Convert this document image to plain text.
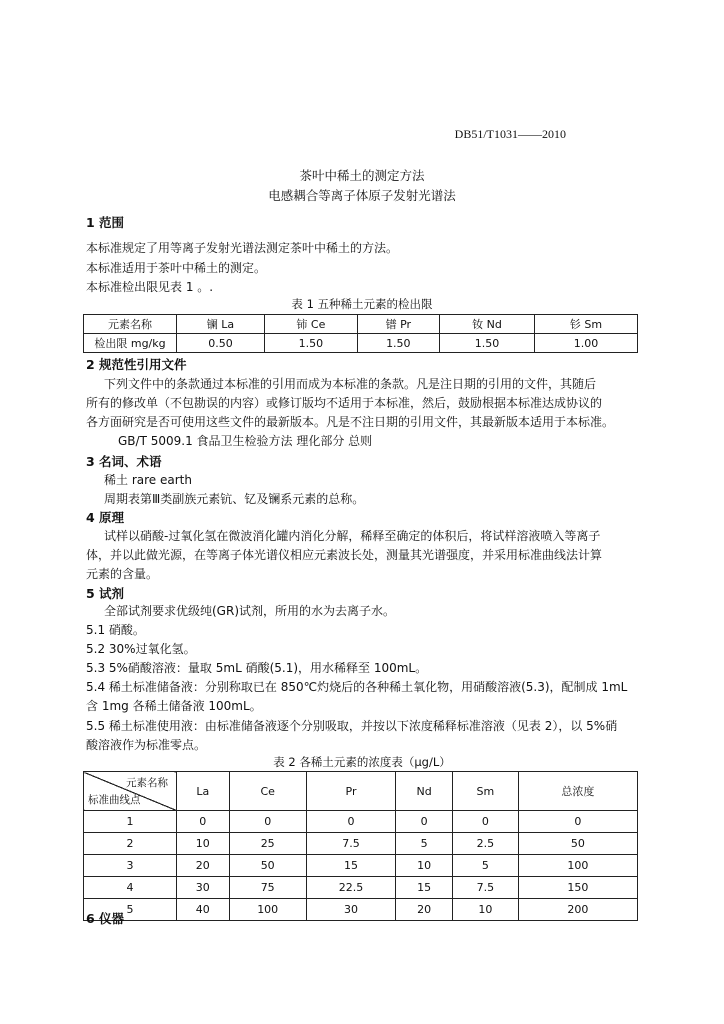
DB51/T1031——2010
茶叶中稀土的测定方法
电感耦合等离子体原子发射光谱法
1 范围
本标准规定了用等离子发射光谱法测定茶叶中稀土的方法。
本标准适用于茶叶中稀土的测定。
本标准检出限见表 1 。.
表 1 五种稀土元素的检出限
元素名称	镧 La	铈 Ce	镨 Pr	钕 Nd	钐 Sm
检出限 mg/kg	0.50	1.50	1.50	1.50	1.00
2 规范性引用文件
下列文件中的条款通过本标准的引用而成为本标准的条款。凡是注日期的引用的文件，其随后
所有的修改单（不包勘误的内容）或修订版均不适用于本标准，然后，鼓励根据本标准达成协议的
各方面研究是否可使用这些文件的最新版本。凡是不注日期的引用文件，其最新版本适用于本标准。
GB/T 5009.1 食品卫生检验方法 理化部分 总则
3 名词、术语
稀土 rare earth
周期表第Ⅲ类副族元素钪、钇及镧系元素的总称。
4 原理
试样以硝酸-过氧化氢在微波消化罐内消化分解，稀释至确定的体积后，将试样溶液喷入等离子
体，并以此做光源，在等离子体光谱仪相应元素波长处，测量其光谱强度，并采用标准曲线法计算
元素的含量。
5 试剂
全部试剂要求优级纯(GR)试剂，所用的水为去离子水。
5.1 硝酸。
5.2 30%过氧化氢。
5.3 5%硝酸溶液：量取 5mL 硝酸(5.1)，用水稀释至 100mL。
5.4 稀土标准储备液：分别称取已在 850℃灼烧后的各种稀土氧化物，用硝酸溶液(5.3)，配制成 1mL
含 1mg 各稀土储备液 100mL。
5.5 稀土标准使用液：由标准储备液逐个分别吸取，并按以下浓度稀释标准溶液（见表 2），以 5%硝
酸溶液作为标准零点。
表 2 各稀土元素的浓度表（μg/L）
元素名称
标准曲线点	La	Ce	Pr	Nd	Sm	总浓度
1	0	0	0	0	0	0
2	10	25	7.5	5	2.5	50
3	20	50	15	10	5	100
4	30	75	22.5	15	7.5	150
5	40	100	30	20	10	200
6 仪器
